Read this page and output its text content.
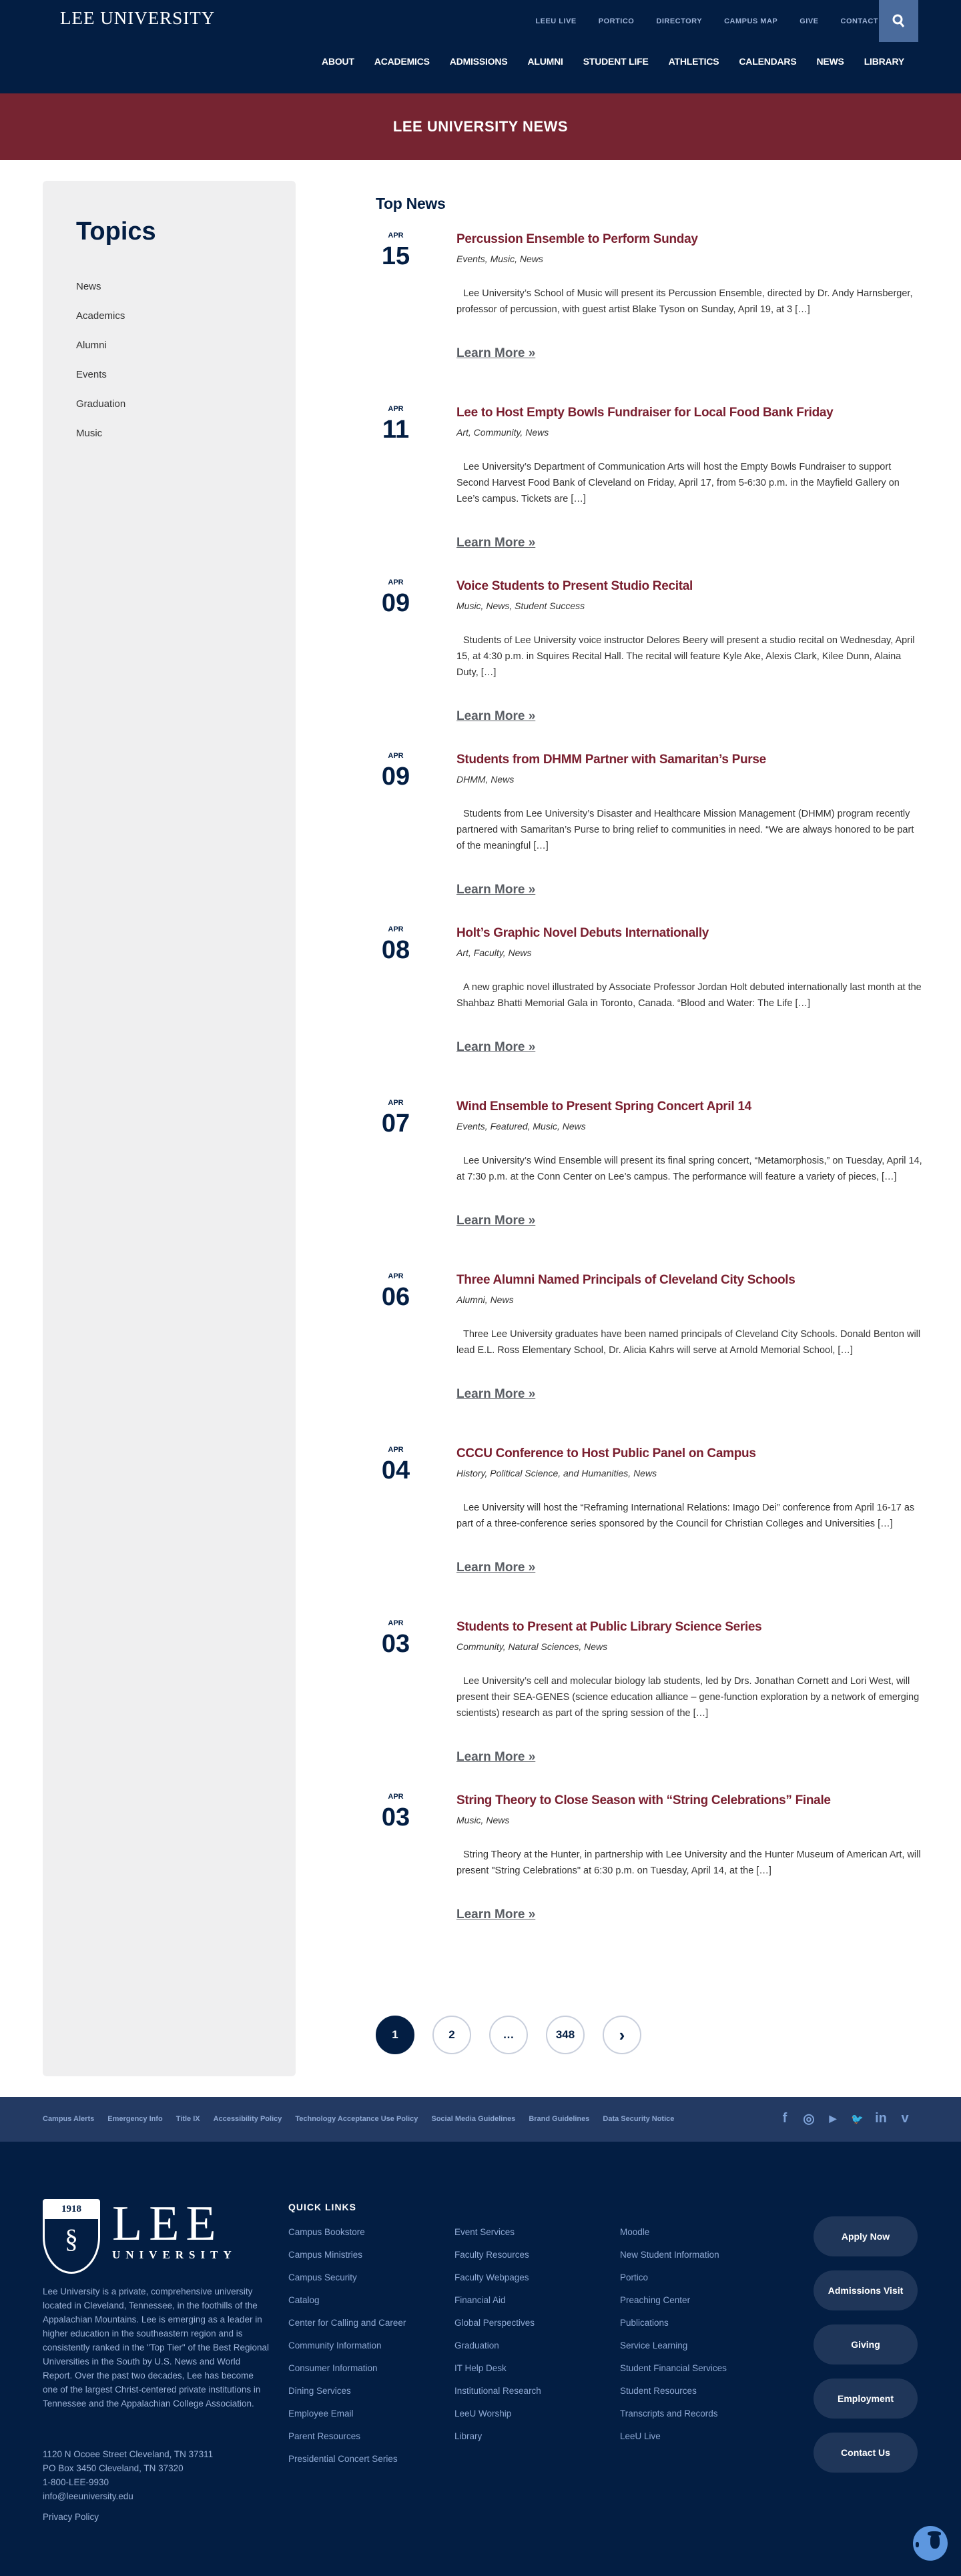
LEE UNIVERSITY	LEEU LIVE	PORTICO	DIRECTORY	CAMPUS MAP	GIVE	CONTACT
ABOUT ACADEMICS ADMISSIONS ALUMNI STUDENT LIFE ATHLETICS CALENDARS NEWS LIBRARY
LEE UNIVERSITY NEWS
Topics
News
Academics
Alumni
Events
Graduation
Music
Top News
APR
15
Percussion Ensemble to Perform Sunday
Events, Music, News

Lee University’s School of Music will present its Percussion Ensemble, directed by Dr. Andy Harnsberger, professor of percussion, with guest artist Blake Tyson on Sunday, April 19, at 3 […]

Learn More »
APR
11
Lee to Host Empty Bowls Fundraiser for Local Food Bank Friday
Art, Community, News

Lee University’s Department of Communication Arts will host the Empty Bowls Fundraiser to support Second Harvest Food Bank of Cleveland on Friday, April 17, from 5-6:30 p.m. in the Mayfield Gallery on Lee’s campus. Tickets are […]

Learn More »
APR
09
Voice Students to Present Studio Recital
Music, News, Student Success

Students of Lee University voice instructor Delores Beery will present a studio recital on Wednesday, April 15, at 4:30 p.m. in Squires Recital Hall. The recital will feature Kyle Ake, Alexis Clark, Kilee Dunn, Alaina Duty, […]

Learn More »
APR
09
Students from DHMM Partner with Samaritan’s Purse
DHMM, News

Students from Lee University’s Disaster and Healthcare Mission Management (DHMM) program recently partnered with Samaritan’s Purse to bring relief to communities in need. “We are always honored to be part of the meaningful […]

Learn More »
APR
08
Holt’s Graphic Novel Debuts Internationally
Art, Faculty, News

A new graphic novel illustrated by Associate Professor Jordan Holt debuted internationally last month at the Shahbaz Bhatti Memorial Gala in Toronto, Canada. “Blood and Water: The Life […]

Learn More »
APR
07
Wind Ensemble to Present Spring Concert April 14
Events, Featured, Music, News

Lee University’s Wind Ensemble will present its final spring concert, “Metamorphosis,” on Tuesday, April 14, at 7:30 p.m. at the Conn Center on Lee’s campus. The performance will feature a variety of pieces, […]

Learn More »
APR
06
Three Alumni Named Principals of Cleveland City Schools
Alumni, News

Three Lee University graduates have been named principals of Cleveland City Schools. Donald Benton will lead E.L. Ross Elementary School, Dr. Alicia Kahrs will serve at Arnold Memorial School, […]

Learn More »
APR
04
CCCU Conference to Host Public Panel on Campus
History, Political Science, and Humanities, News

Lee University will host the “Reframing International Relations: Imago Dei” conference from April 16-17 as part of a three-conference series sponsored by the Council for Christian Colleges and Universities […]

Learn More »
APR
03
Students to Present at Public Library Science Series
Community, Natural Sciences, News

Lee University’s cell and molecular biology lab students, led by Drs. Jonathan Cornett and Lori West, will present their SEA-GENES (science education alliance – gene-function exploration by a network of emerging scientists) research as part of the spring session of the […]

Learn More »
APR
03
String Theory to Close Season with “String Celebrations” Finale
Music, News

String Theory at the Hunter, in partnership with Lee University and the Hunter Museum of American Art, will present "String Celebrations" at 6:30 p.m. on Tuesday, April 14, at the […]

Learn More »
1	2	…	348	›
Campus Alerts Emergency Info Title IX Accessibility Policy Technology Acceptance Use Policy Social Media Guidelines Brand Guidelines Data Security Notice	f ◎ ▶ 🐦 in v
1918
§ LEE
UNIVERSITY

Lee University is a private, comprehensive university located in Cleveland, Tennessee, in the foothills of the Appalachian Mountains. Lee is emerging as a leader in higher education in the southeastern region and is consistently ranked in the "Top Tier" of the Best Regional Universities in the South by U.S. News and World Report. Over the past two decades, Lee has become one of the largest Christ-centered private institutions in Tennessee and the Appalachian College Association.

1120 N Ocoee Street Cleveland, TN 37311
PO Box 3450 Cleveland, TN 37320
1-800-LEE-9930
info@leeuniversity.edu
Privacy Policy
QUICK LINKS
Campus Bookstore
Campus Ministries
Campus Security
Catalog
Center for Calling and Career
Community Information
Consumer Information
Dining Services
Employee Email
Parent Resources
Presidential Concert Series
Event Services
Faculty Resources
Faculty Webpages
Financial Aid
Global Perspectives
Graduation
IT Help Desk
Institutional Research
LeeU Worship
Library
Moodle
New Student Information
Portico
Preaching Center
Publications
Service Learning
Student Financial Services
Student Resources
Transcripts and Records
LeeU Live
Apply Now
Admissions Visit
Giving
Employment
Contact Us
